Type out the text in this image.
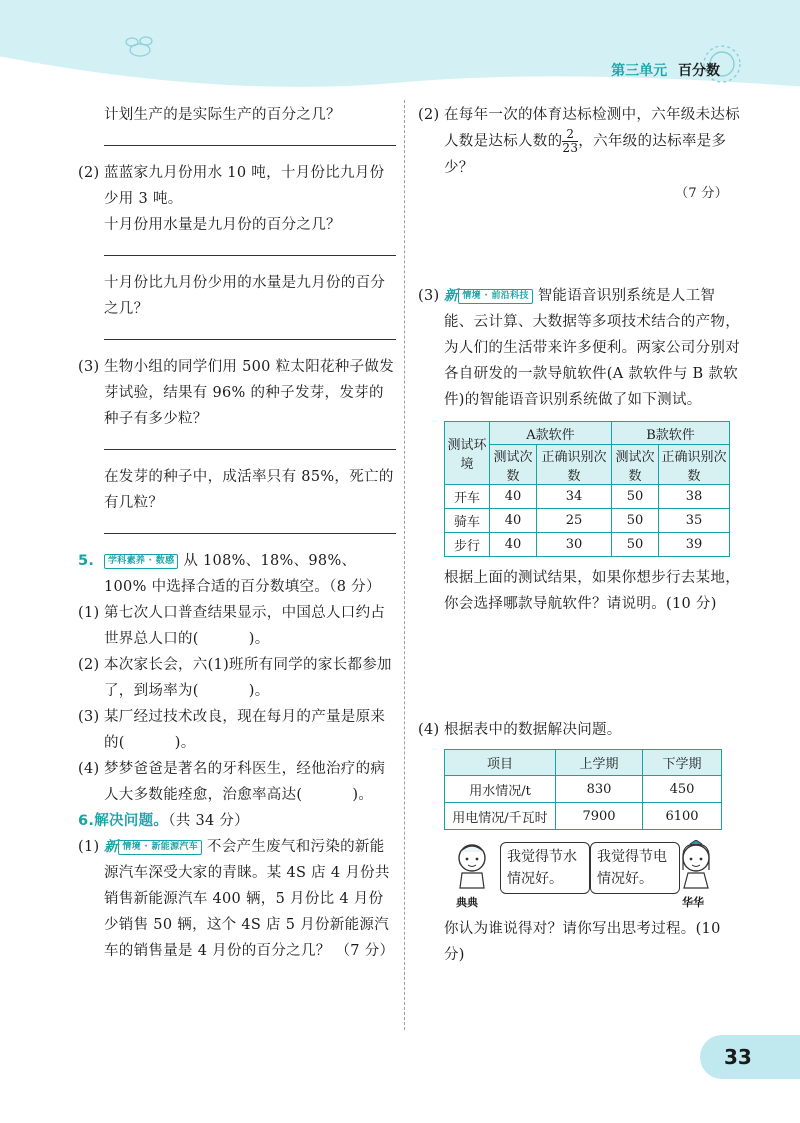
第三单元 百分数

计划生产的是实际生产的百分之几？

(2) 蓝蓝家九月份用水 10 吨，十月份比九月份少用 3 吨。

十月份用水量是九月份的百分之几？

十月份比九月份少用的水量是九月份的百分之几？

(3) 生物小组的同学们用 500 粒太阳花种子做发芽试验，结果有 96% 的种子发芽，发芽的种子有多少粒？

在发芽的种子中，成活率只有 85%，死亡的有几粒？

5. 学科素养 · 数感 从 108%、18%、98%、100% 中选择合适的百分数填空。（8 分）

(1) 第七次人口普查结果显示，中国总人口约占世界总人口的(	)。

(2) 本次家长会，六(1)班所有同学的家长都参加了，到场率为(	)。

(3) 某厂经过技术改良，现在每月的产量是原来的(	)。

(4) 梦梦爸爸是著名的牙科医生，经他治疗的病人大多数能痊愈，治愈率高达(	)。

6.解决问题。（共 34 分）

(1) 新 情境 · 新能源汽车 不会产生废气和污染的新能源汽车深受大家的青睐。某 4S 店 4 月份共销售新能源汽车 400 辆，5 月份比 4 月份少销售 50 辆，这个 4S 店 5 月份新能源汽车的销售量是 4 月份的百分之几？ （7 分）

(2) 在每年一次的体育达标检测中，六年级未达标人数是达标人数的 $\frac{2}{23}$ ，六年级的达标率是多少？

（7 分）

(3) 新 情境 · 前沿科技 智能语音识别系统是人工智能、云计算、大数据等多项技术结合的产物，为人们的生活带来许多便利。两家公司分别对各自研发的一款导航软件(A 款软件与 B 款软件)的智能语音识别系统做了如下测试。

测试环境	A款软件		B款软件	
	测试次数	正确识别次数	测试次数	正确识别次数
开车	40	34	50	38
骑车	40	25	50	35
步行	40	30	50	39

根据上面的测试结果，如果你想步行去某地，你会选择哪款导航软件？请说明。(10 分)

(4) 根据表中的数据解决问题。

项目	上学期	下学期
用水情况/t	830	450
用电情况/千瓦时	7900	6100
典典
我觉得节水情况好。
我觉得节电情况好。
华华

你认为谁说得对？请你写出思考过程。(10 分)

33
